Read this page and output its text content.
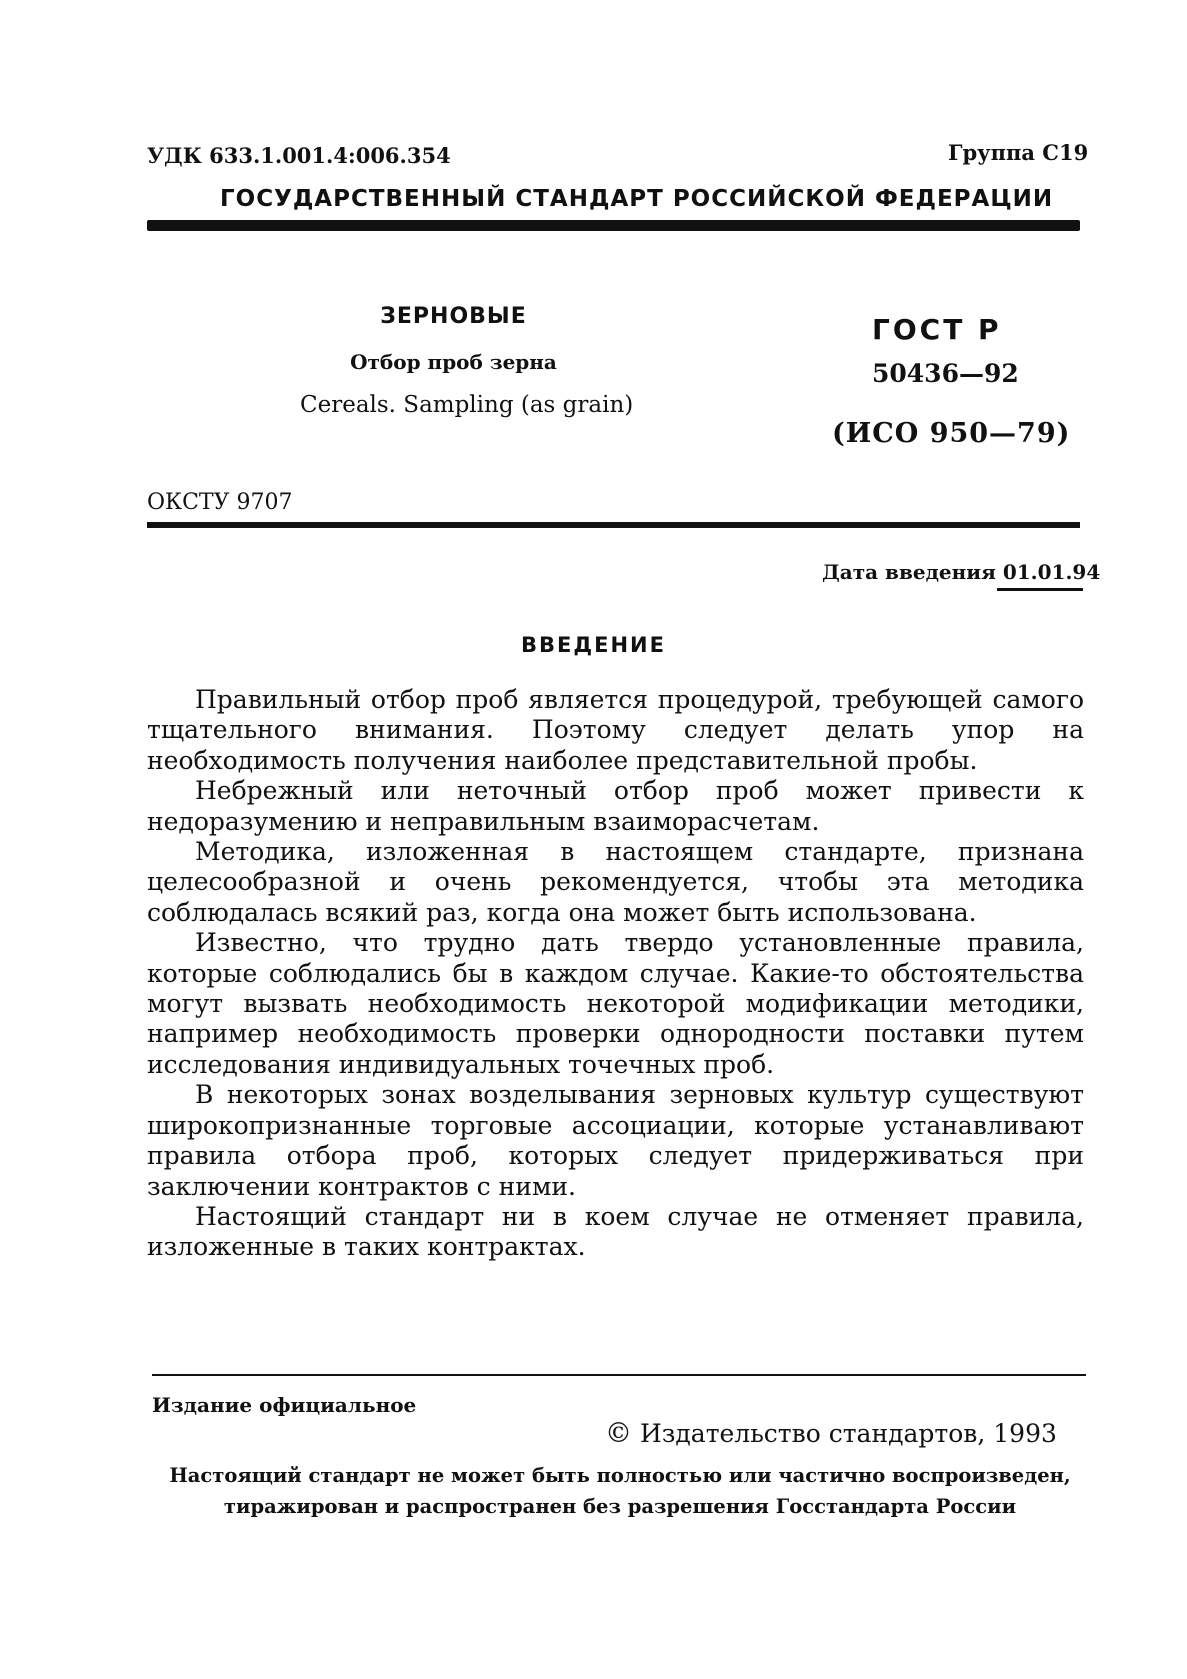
УДК 633.1.001.4:006.354	Группа С19
ГОСУДАРСТВЕННЫЙ СТАНДАРТ РОССИЙСКОЙ ФЕДЕРАЦИИ
ЗЕРНОВЫЕ
Отбор проб зерна
Cereals. Sampling (as grain)
ГОСТ Р
50436—92
(ИСО 950—79)
ОКСТУ 9707
Дата введения 01.01.94
ВВЕДЕНИЕ

Правильный отбор проб является процедурой, требующей самого тщательного внимания. Поэтому следует делать упор на необходимость получения наиболее представительной пробы.

Небрежный или неточный отбор проб может привести к недоразумению и неправильным взаиморасчетам.

Методика, изложенная в настоящем стандарте, признана целесообразной и очень рекомендуется, чтобы эта методика соблюдалась всякий раз, когда она может быть использована.

Известно, что трудно дать твердо установленные правила, которые соблюдались бы в каждом случае. Какие-то обстоятельства могут вызвать необходимость некоторой модификации методики, например необходимость проверки однородности поставки путем исследования индивидуальных точечных проб.

В некоторых зонах возделывания зерновых культур существуют широкопризнанные торговые ассоциации, которые устанавливают правила отбора проб, которых следует придерживаться при заключении контрактов с ними.

Настоящий стандарт ни в коем случае не отменяет правила, изложенные в таких контрактах.

Издание официальное
© Издательство стандартов, 1993
Настоящий стандарт не может быть полностью или частично воспроизведен,
тиражирован и распространен без разрешения Госстандарта России
